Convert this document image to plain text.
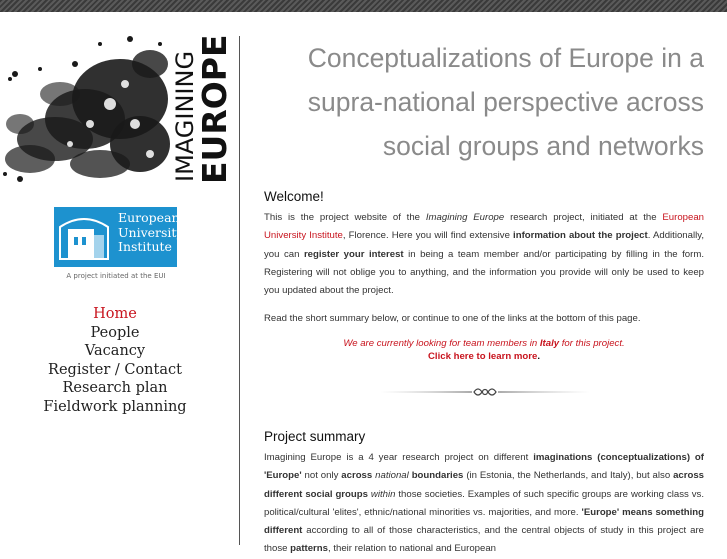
IMAGINING
EUROPE
European
University
Institute
A project initiated at the EUI
Home
People
Vacancy
Register / Contact
Research plan
Fieldwork planning
Conceptualizations of Europe in a
supra-national perspective across
social groups and networks
Welcome!
This is the project website of the Imagining Europe research project, initiated at the European University Institute, Florence. Here you will find extensive information about the project. Additionally, you can register your interest in being a team member and/or participating by filling in the form. Registering will not oblige you to anything, and the information you provide will only be used to keep you updated about the project.
Read the short summary below, or continue to one of the links at the bottom of this page.
We are currently looking for team members in Italy for this project.
Click here to learn more.
Project summary
Imagining Europe is a 4 year research project on different imaginations (conceptualizations) of 'Europe' not only across national boundaries (in Estonia, the Netherlands, and Italy), but also across different social groups within those societies. Examples of such specific groups are working class vs. political/cultural 'elites', ethnic/national minorities vs. majorities, and more. 'Europe' means something different according to all of those characteristics, and the central objects of study in this project are those patterns, their relation to national and European
